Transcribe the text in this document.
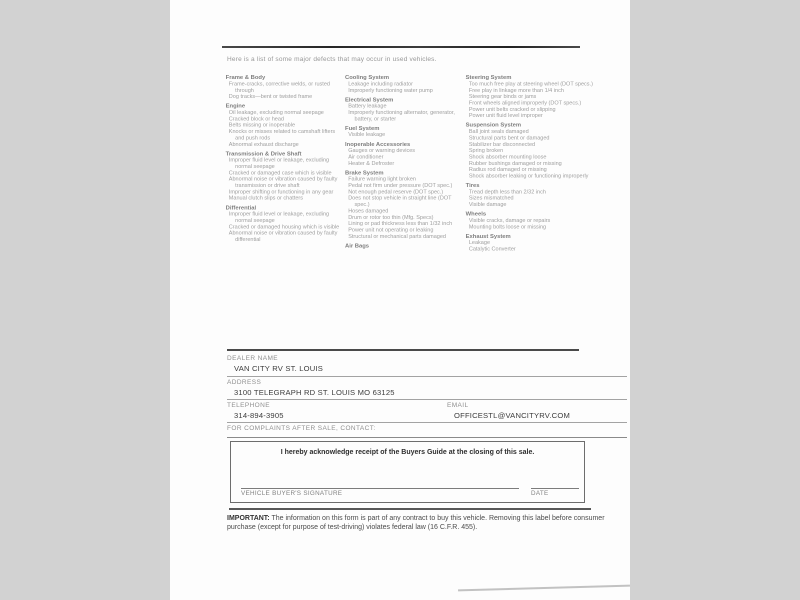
Here is a list of some major defects that may occur in used vehicles.
Frame & Body
Frame-cracks, corrective welds, or rusted through
Dog tracks—bent or twisted frame
Engine
Oil leakage, excluding normal seepage
Cracked block or head
Belts missing or inoperable
Knocks or misses related to camshaft lifters and push rods
Abnormal exhaust discharge
Transmission & Drive Shaft
Improper fluid level or leakage, excluding normal seepage
Cracked or damaged case which is visible
Abnormal noise or vibration caused by faulty transmission or drive shaft
Improper shifting or functioning in any gear
Manual clutch slips or chatters
Differential
Improper fluid level or leakage, excluding normal seepage
Cracked or damaged housing which is visible
Abnormal noise or vibration caused by faulty differential
Cooling System
Leakage including radiator
Improperly functioning water pump
Electrical System
Battery leakage
Improperly functioning alternator, generator, battery, or starter
Fuel System
Visible leakage
Inoperable Accessories
Gauges or warning devices
Air conditioner
Heater & Defroster
Brake System
Failure warning light broken
Pedal not firm under pressure (DOT spec.)
Not enough pedal reserve (DOT spec.)
Does not stop vehicle in straight line (DOT spec.)
Hoses damaged
Drum or rotor too thin (Mfg. Specs)
Lining or pad thickness less than 1/32 inch
Power unit not operating or leaking
Structural or mechanical parts damaged
Air Bags
Steering System
Too much free play at steering wheel (DOT specs.)
Free play in linkage more than 1/4 inch
Steering gear binds or jams
Front wheels aligned improperly (DOT specs.)
Power unit belts cracked or slipping
Power unit fluid level improper
Suspension System
Ball joint seals damaged
Structural parts bent or damaged
Stabilizer bar disconnected
Spring broken
Shock absorber mounting loose
Rubber bushings damaged or missing
Radius rod damaged or missing
Shock absorber leaking or functioning improperly
Tires
Tread depth less than 2/32 inch
Sizes mismatched
Visible damage
Wheels
Visible cracks, damage or repairs
Mounting bolts loose or missing
Exhaust System
Leakage
Catalytic Converter
DEALER NAME
VAN CITY RV ST. LOUIS
ADDRESS
3100 TELEGRAPH RD ST. LOUIS MO 63125
TELEPHONE
314-894-3905
EMAIL
OFFICESTL@VANCITYRV.COM
FOR COMPLAINTS AFTER SALE, CONTACT:
I hereby acknowledge receipt of the Buyers Guide at the closing of this sale.
VEHICLE BUYER'S SIGNATURE	DATE
IMPORTANT: The information on this form is part of any contract to buy this vehicle. Removing this label before consumer purchase (except for purpose of test-driving) violates federal law (16 C.F.R. 455).
